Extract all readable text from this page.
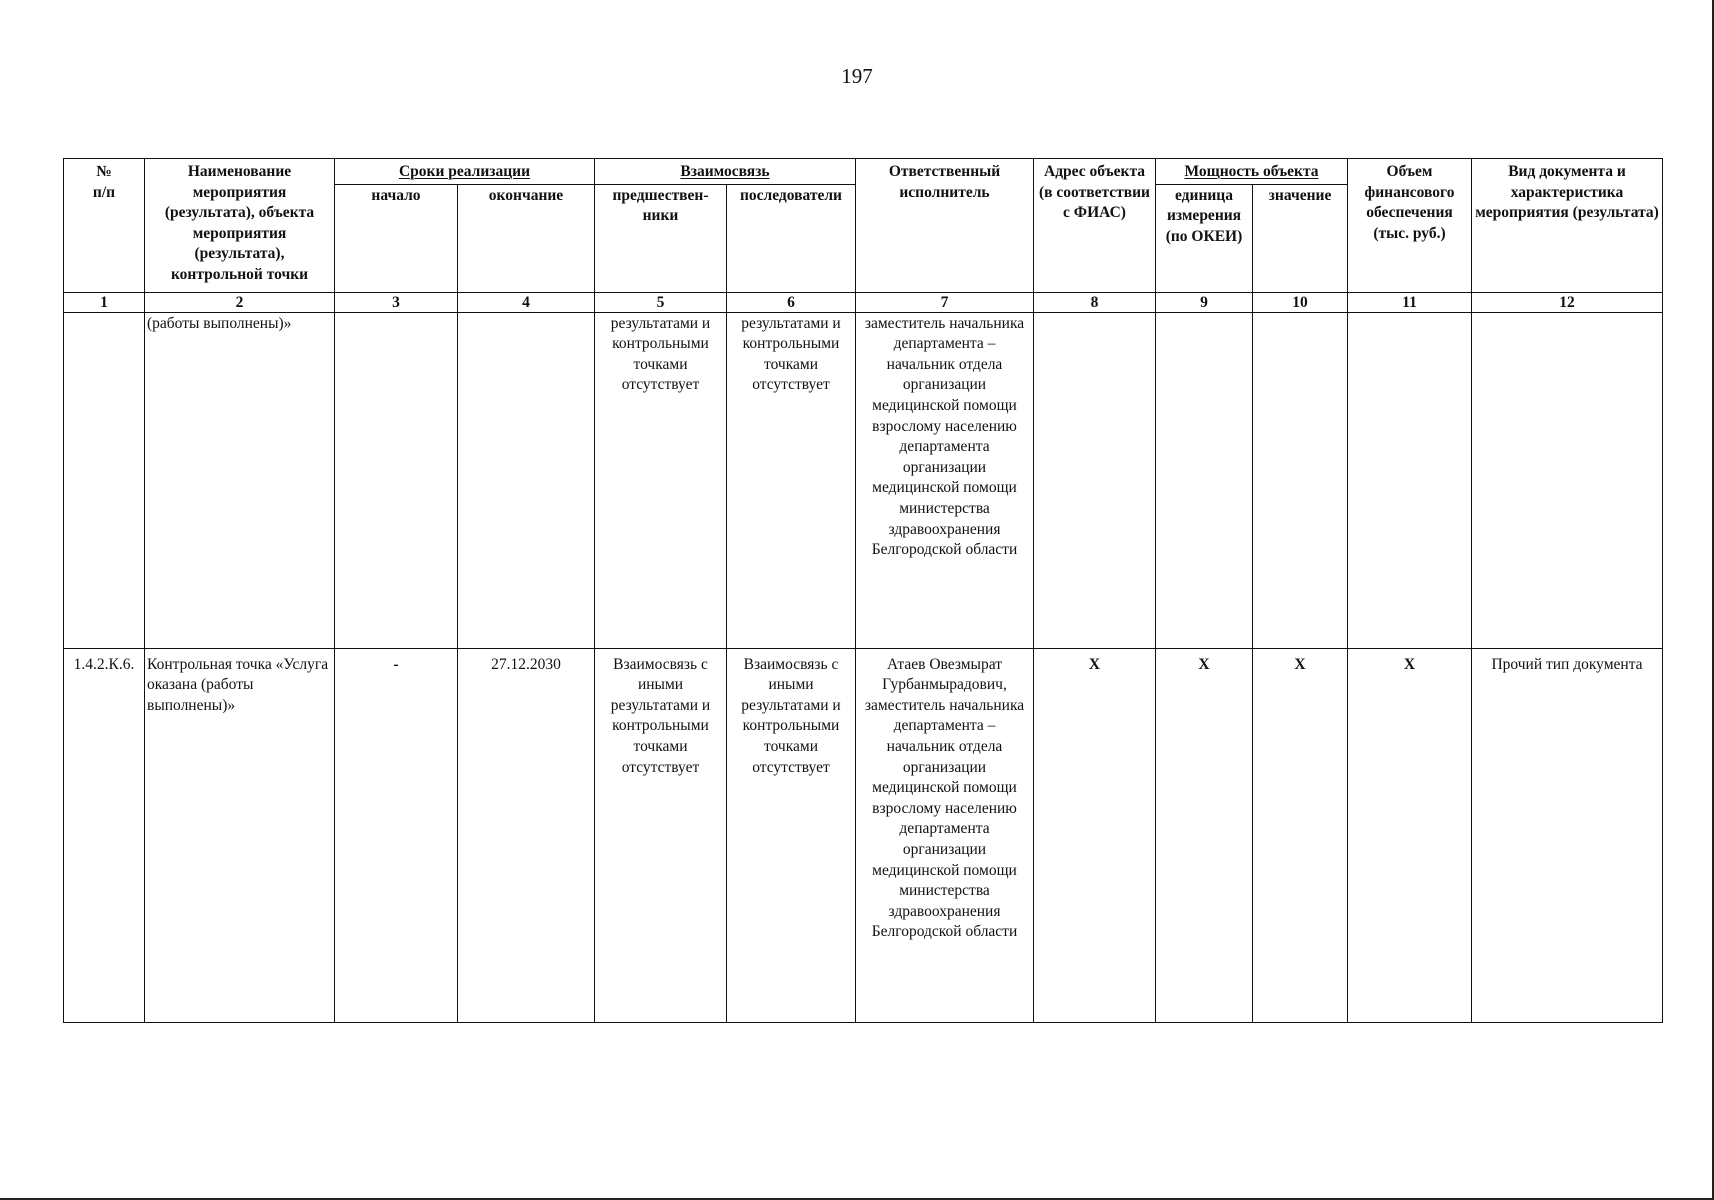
197
№
п/п	Наименование мероприятия (результата), объекта мероприятия (результата), контрольной точки	Сроки реализации		Взаимосвязь		Ответственный исполнитель	Адрес объекта (в соответствии с ФИАС)	Мощность объекта		Объем финансового обеспечения (тыс. руб.)	Вид документа и характеристика мероприятия (результата)
		начало	окончание	предшествен-ники	последователи			единица измерения (по ОКЕИ)	значение		
1	2	3	4	5	6	7	8	9	10	11	12
	(работы выполнены)»			результатами и контрольными точками отсутствует	результатами и контрольными точками отсутствует	заместитель начальника департамента – начальник отдела организации медицинской помощи взрослому населению департамента организации медицинской помощи министерства здравоохранения Белгородской области					
1.4.2.К.6.	Контрольная точка «Услуга оказана (работы выполнены)»	-	27.12.2030	Взаимосвязь с иными результатами и контрольными точками отсутствует	Взаимосвязь с иными результатами и контрольными точками отсутствует	Атаев Овезмырат Гурбанмырадович, заместитель начальника департамента – начальник отдела организации медицинской помощи взрослому населению департамента организации медицинской помощи министерства здравоохранения Белгородской области	X	X	X	X	Прочий тип документа
